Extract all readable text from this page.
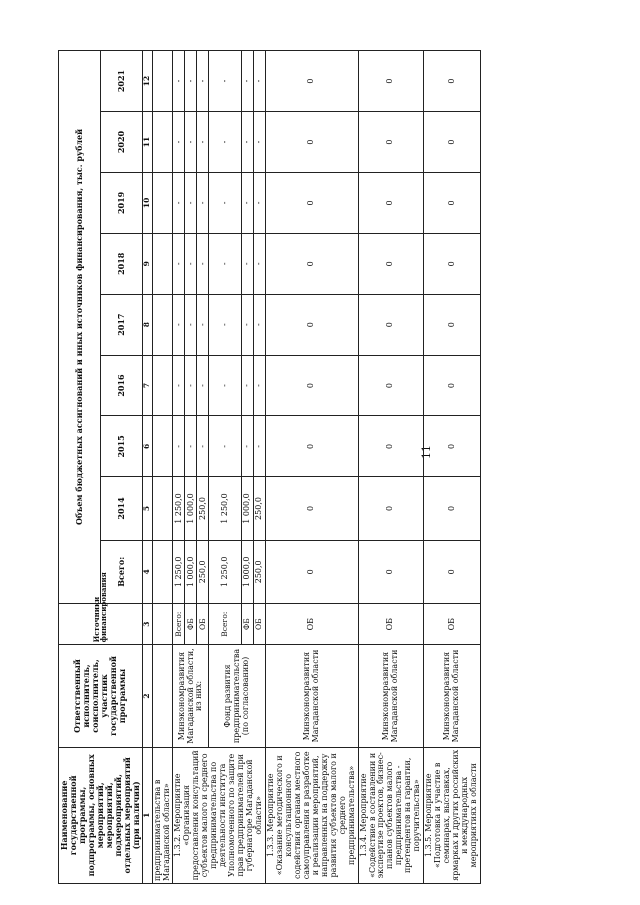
11
Наименование государственной программы, подпрограммы, основных мероприятий, мероприятий, подмероприятий, отдельных мероприятий (при наличии)	Ответственный исполнитель, соисполнитель, участник государственной программы	Источники финансирования	Объем бюджетных ассигнований и иных источников финансирования, тыс. рублей								
			Всего:	2014	2015	2016	2017	2018	2019	2020	2021
1	2	3	4	5	6	7	8	9	10	11	12
предпринимательства в Магаданской области»											
1.3.2. Мероприятие «Организация предоставления консультаций субъектов малого и среднего предпринимательства по деятельности института Уполномоченного по защите прав предпринимателей при губернаторе Магаданской области»	Минэкономразвития Магаданской области, из них:	Всего:	1 250,0	1 250,0	-	-	-	-	-	-	-
		ФБ	1 000,0	1 000,0	-	-	-	-	-	-	-
		ОБ	250,0	250,0	-	-	-	-	-	-	-
	Фонд развития предпринимательства (по согласованию)	Всего:	1 250,0	1 250,0	-	-	-	-	-	-	-
		ФБ	1 000,0	1 000,0	-	-	-	-	-	-	-
		ОБ	250,0	250,0	-	-	-	-	-	-	-
1.3.3. Мероприятие «Оказание методического и консультационного содействия органам местного самоуправления в разработке и реализации мероприятий, направленных на поддержку развития субъектов малого и среднего предпринимательства»	Минэкономразвития Магаданской области	ОБ	0	0	0	0	0	0	0	0	0
1.3.4. Мероприятие «Содействие в составлении и экспертизе проектов, бизнес-планов субъектов малого предпринимательства - претендентов на гарантии, поручительства»	Минэкономразвития Магаданской области	ОБ	0	0	0	0	0	0	0	0	0
1.3.5. Мероприятие «Подготовка и участие в семинарах, выставках, ярмарках и других российских и международных мероприятиях в области	Минэкономразвития Магаданской области	ОБ	0	0	0	0	0	0	0	0	0
